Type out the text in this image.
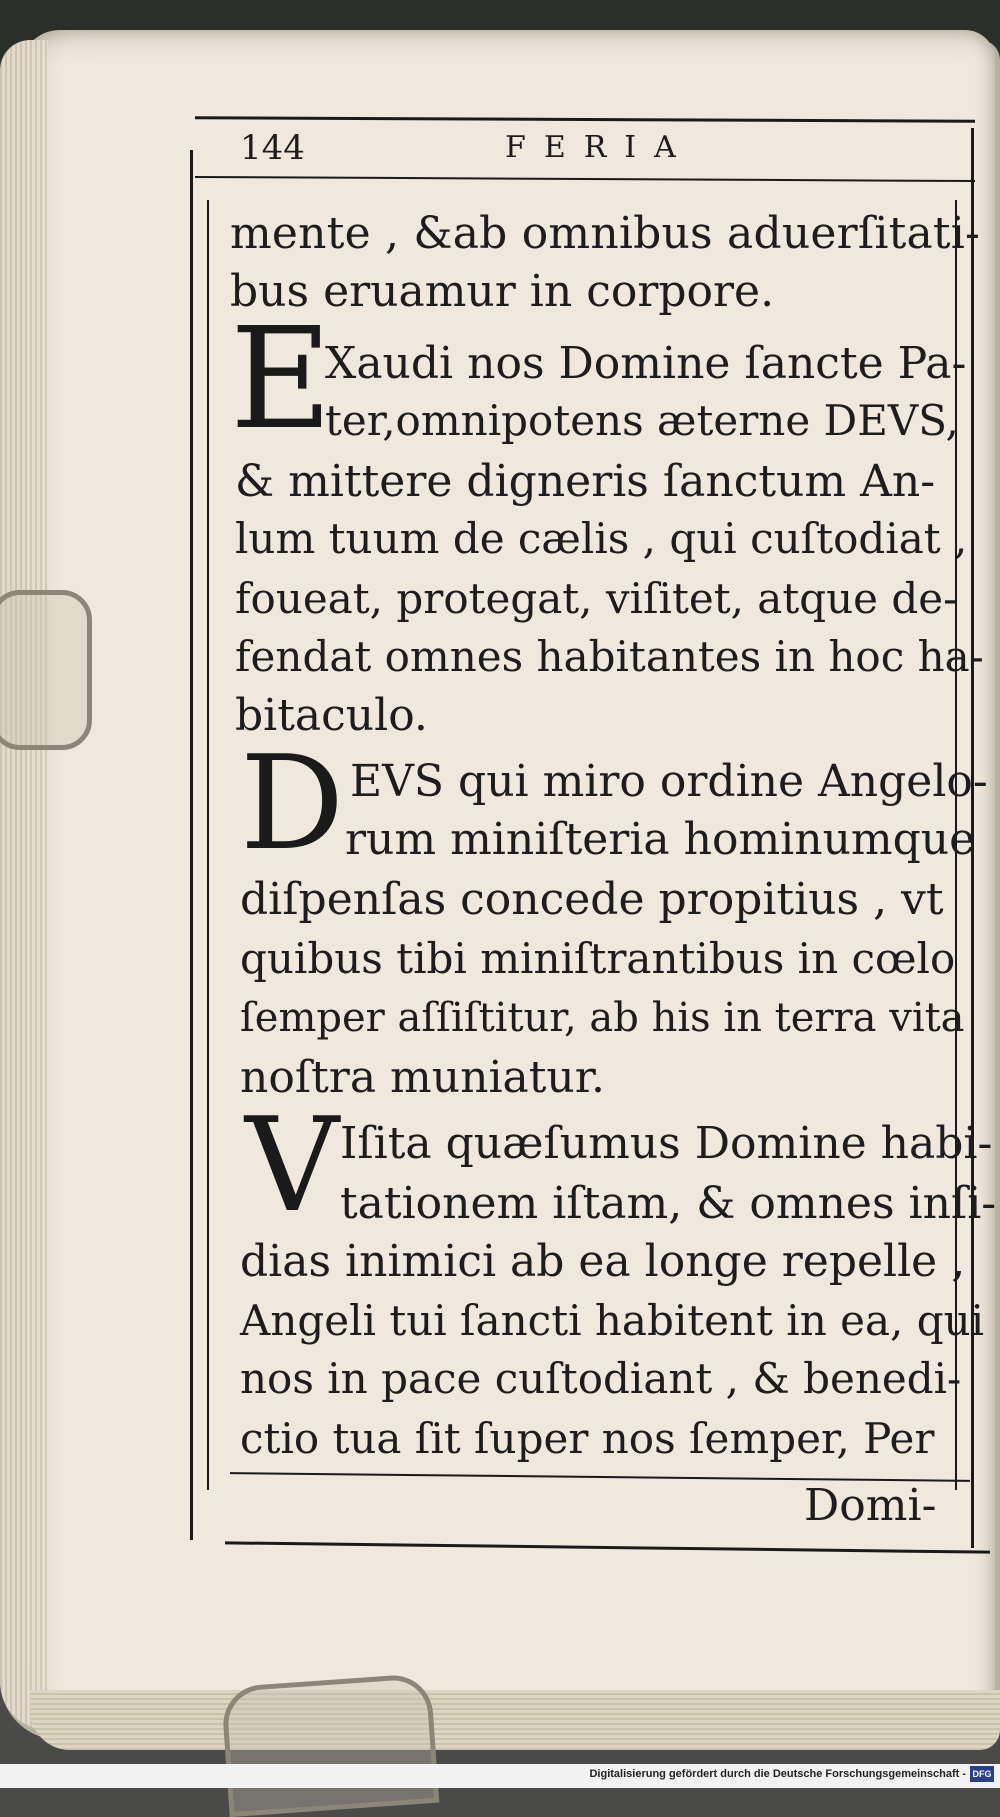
144	FERIA
mente , &ab omnibus aduerſitati-
bus eruamur in corpore.
E
Xaudi nos Domine ſancte Pa-
ter,omnipotens æterne DEVS,
& mittere digneris ſanctum An-
lum tuum de cælis , qui cuſtodiat ,
foueat, protegat, viſitet, atque de-
fendat omnes habitantes in hoc ha-
bitaculo.
D EVS qui miro ordine Angelo-
rum miniſteria hominumque
diſpenſas concede propitius , vt
quibus tibi miniſtrantibus in cœlo
ſemper aſſiſtitur, ab his in terra vita
noſtra muniatur.
V Iſita quæſumus Domine habi-
tationem iſtam, & omnes inſi-
dias inimici ab ea longe repelle ,
Angeli tui ſancti habitent in ea, qui
nos in pace cuſtodiant , & benedi-
ctio tua ſit ſuper nos ſemper, Per
Domi-
Digitalisierung gefördert durch die Deutsche Forschungsgemeinschaft - DFG
